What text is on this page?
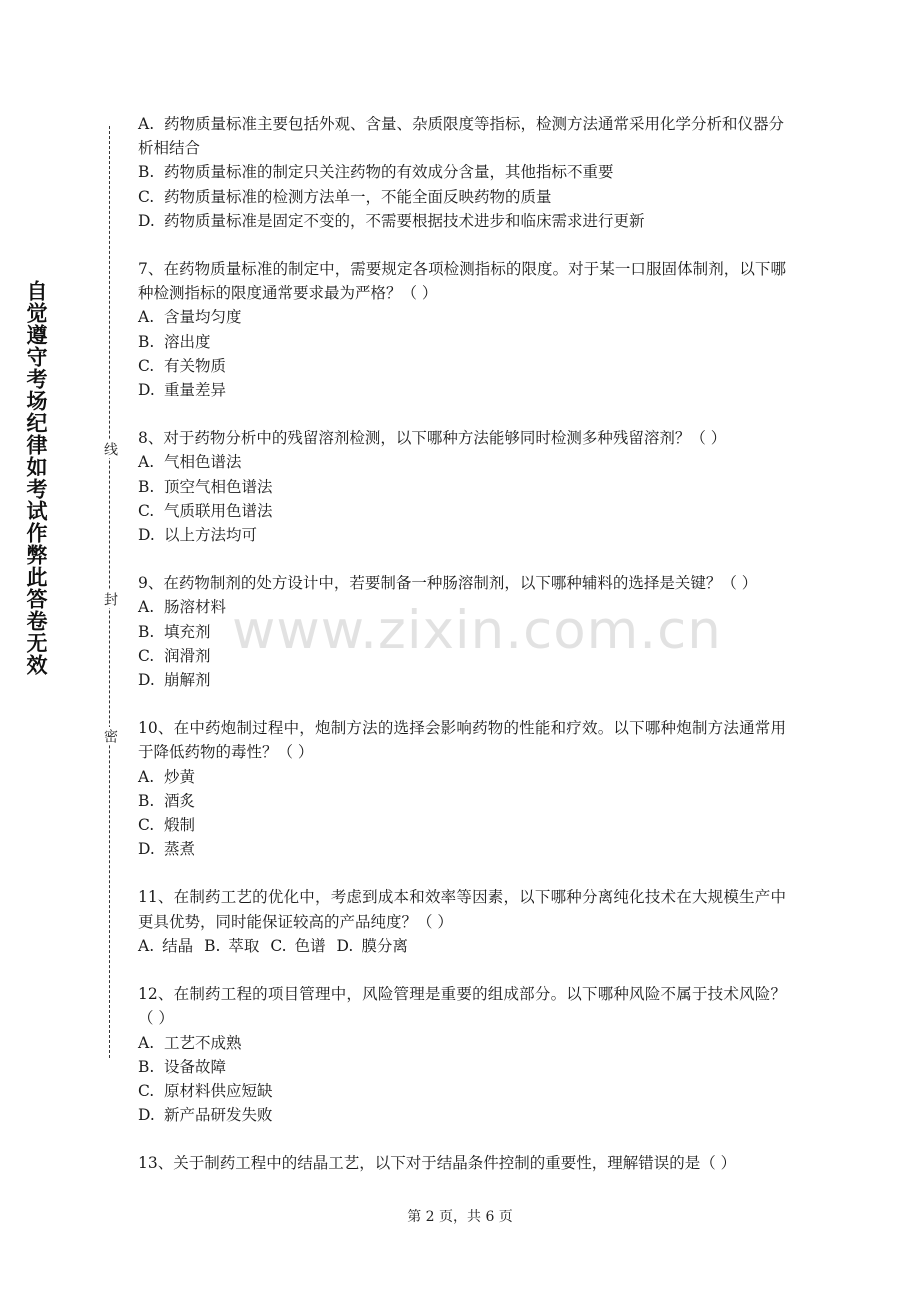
自觉遵守考场纪律如考试作弊此答卷无效	线
封
密

A. 药物质量标准主要包括外观、含量、杂质限度等指标，检测方法通常采用化学分析和仪器分析相结合

B. 药物质量标准的制定只关注药物的有效成分含量，其他指标不重要

C. 药物质量标准的检测方法单一，不能全面反映药物的质量

D. 药物质量标准是固定不变的，不需要根据技术进步和临床需求进行更新

7、在药物质量标准的制定中，需要规定各项检测指标的限度。对于某一口服固体制剂，以下哪种检测指标的限度通常要求最为严格？（ ）

A. 含量均匀度

B. 溶出度

C. 有关物质

D. 重量差异

8、对于药物分析中的残留溶剂检测，以下哪种方法能够同时检测多种残留溶剂？（ ）

A. 气相色谱法

B. 顶空气相色谱法

C. 气质联用色谱法

D. 以上方法均可

9、在药物制剂的处方设计中，若要制备一种肠溶制剂，以下哪种辅料的选择是关键？（ ）

A. 肠溶材料

B. 填充剂

C. 润滑剂

D. 崩解剂

10、在中药炮制过程中，炮制方法的选择会影响药物的性能和疗效。以下哪种炮制方法通常用于降低药物的毒性？（ ）

A. 炒黄

B. 酒炙

C. 煅制

D. 蒸煮

11、在制药工艺的优化中，考虑到成本和效率等因素，以下哪种分离纯化技术在大规模生产中更具优势，同时能保证较高的产品纯度？（ ）

A. 结晶 B. 萃取 C. 色谱 D. 膜分离

12、在制药工程的项目管理中，风险管理是重要的组成部分。以下哪种风险不属于技术风险？（ ）

A. 工艺不成熟

B. 设备故障

C. 原材料供应短缺

D. 新产品研发失败

13、关于制药工程中的结晶工艺，以下对于结晶条件控制的重要性，理解错误的是（ ）

www.zixin.com.cn
第 2 页，共 6 页
